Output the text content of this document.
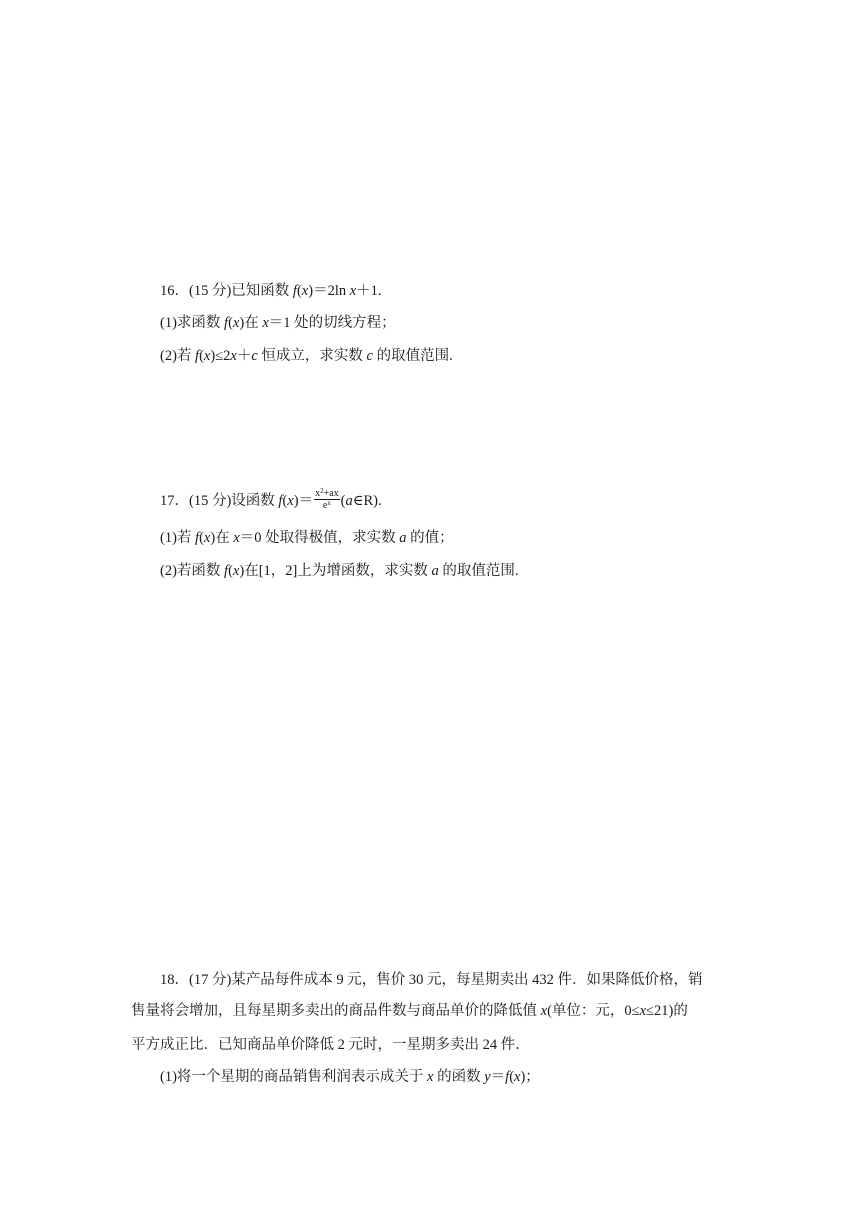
16．(15 分)已知函数 f(x)＝2ln x＋1.
(1)求函数 f(x)在 x＝1 处的切线方程；
(2)若 f(x)≤2x＋c 恒成立，求实数 c 的取值范围.
17．(15 分)设函数 $f(x)= \frac{x^2+ax}{e^x}$ (a∈R).
(1)若 f(x)在 x＝0 处取得极值，求实数 a 的值；
(2)若函数 f(x)在[1，2]上为增函数，求实数 a 的取值范围.
18．(17 分)某产品每件成本 9 元，售价 30 元，每星期卖出 432 件．如果降低价格，销
售量将会增加，且每星期多卖出的商品件数与商品单价的降低值 x(单位：元，0≤x≤21)的
平方成正比．已知商品单价降低 2 元时，一星期多卖出 24 件．
(1)将一个星期的商品销售利润表示成关于 x 的函数 y＝f(x)；
